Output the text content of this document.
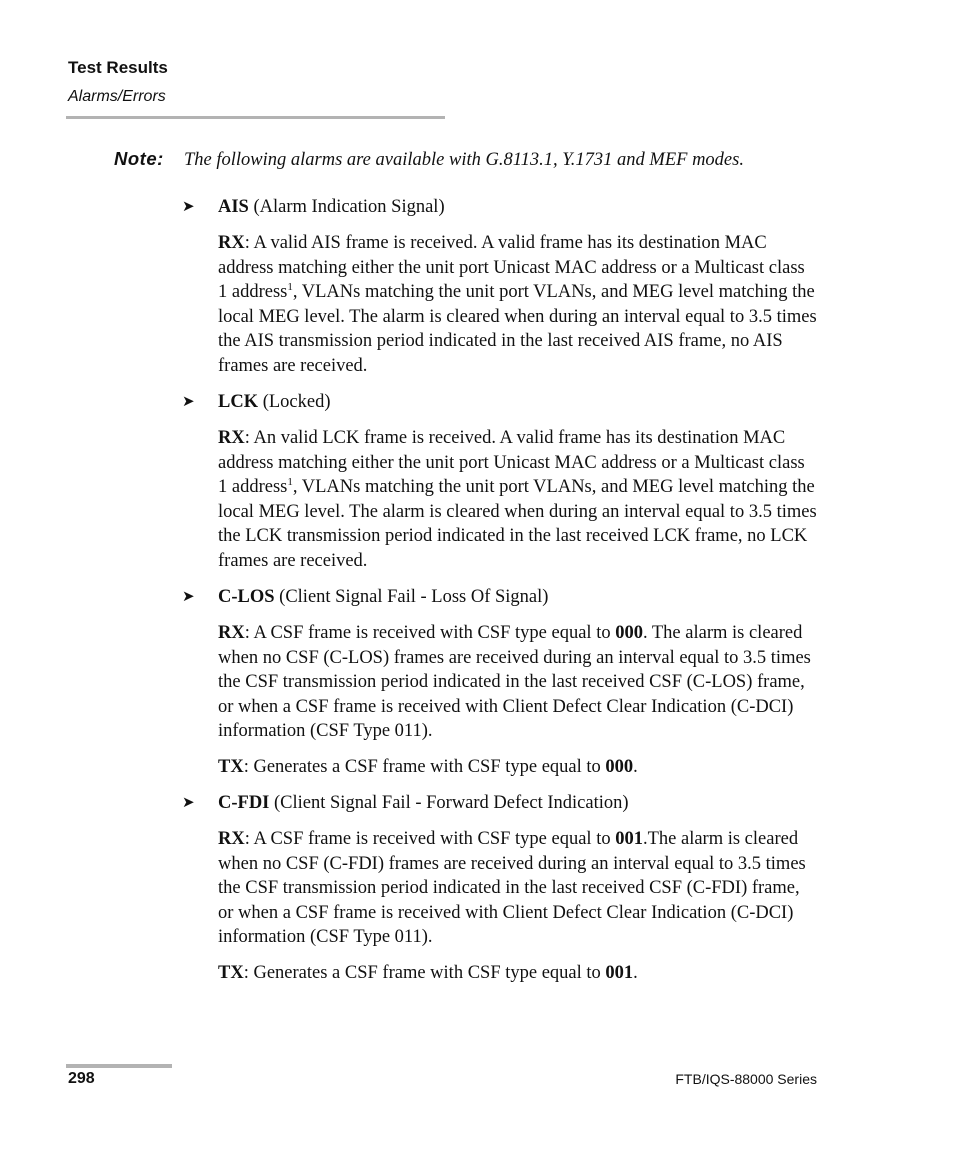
Test Results
Alarms/Errors
Note: The following alarms are available with G.8113.1, Y.1731 and MEF modes.
➤ AIS (Alarm Indication Signal)
RX: A valid AIS frame is received. A valid frame has its destination MAC address matching either the unit port Unicast MAC address or a Multicast class 1 address$^1$, VLANs matching the unit port VLANs, and MEG level matching the local MEG level. The alarm is cleared when during an interval equal to 3.5 times the AIS transmission period indicated in the last received AIS frame, no AIS frames are received.
➤ LCK (Locked)
RX: An valid LCK frame is received. A valid frame has its destination MAC address matching either the unit port Unicast MAC address or a Multicast class 1 address$^1$, VLANs matching the unit port VLANs, and MEG level matching the local MEG level. The alarm is cleared when during an interval equal to 3.5 times the LCK transmission period indicated in the last received LCK frame, no LCK frames are received.
➤ C-LOS (Client Signal Fail - Loss Of Signal)
RX: A CSF frame is received with CSF type equal to 000. The alarm is cleared when no CSF (C-LOS) frames are received during an interval equal to 3.5 times the CSF transmission period indicated in the last received CSF (C-LOS) frame, or when a CSF frame is received with Client Defect Clear Indication (C-DCI) information (CSF Type 011).
TX: Generates a CSF frame with CSF type equal to 000.
➤ C-FDI (Client Signal Fail - Forward Defect Indication)
RX: A CSF frame is received with CSF type equal to 001.The alarm is cleared when no CSF (C-FDI) frames are received during an interval equal to 3.5 times the CSF transmission period indicated in the last received CSF (C-FDI) frame, or when a CSF frame is received with Client Defect Clear Indication (C-DCI) information (CSF Type 011).
TX: Generates a CSF frame with CSF type equal to 001.
298	FTB/IQS-88000 Series
